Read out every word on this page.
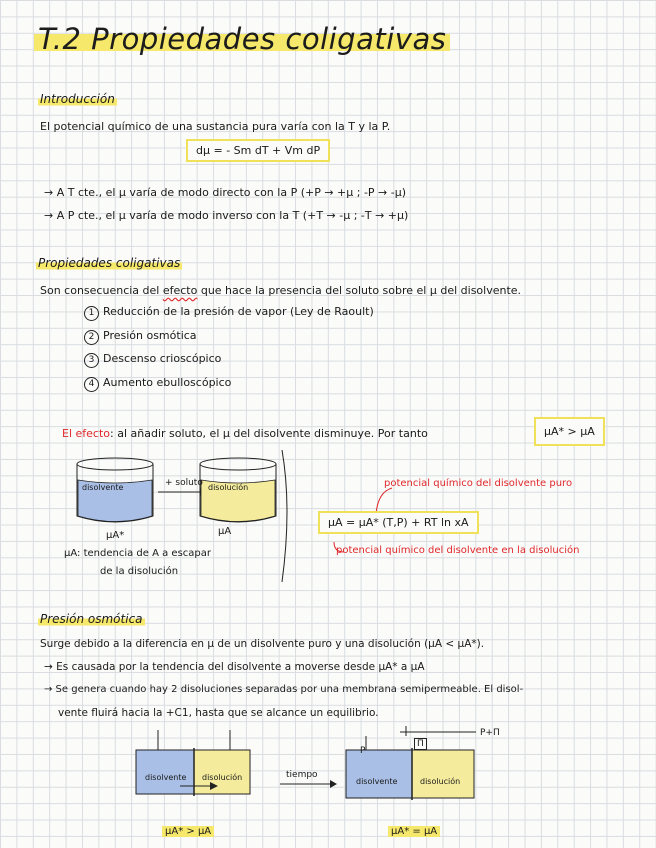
T.2 Propiedades coligativas
Introducción
El potencial químico de una sustancia pura varía con la T y la P.
dμ = - Sm dT + Vm dP
→ A T cte., el μ varía de modo directo con la P (+P → +μ ; -P → -μ)
→ A P cte., el μ varía de modo inverso con la T (+T → -μ ; -T → +μ)
Propiedades coligativas
Son consecuencia del efecto que hace la presencia del soluto sobre el μ del disolvente.
1 Reducción de la presión de vapor (Ley de Raoult)
2 Presión osmótica
3 Descenso crioscópico
4 Aumento ebulloscópico
El efecto: al añadir soluto, el μ del disolvente disminuye. Por tanto	μA* > μA
disolvente	+ soluto disolución
μA*	μA
μA: tendencia de A a escapar
de la disolución
potencial químico del disolvente puro
μA = μA* (T,P) + RT ln xA
potencial químico del disolvente en la disolución
Presión osmótica
Surge debido a la diferencia en μ de un disolvente puro y una disolución (μA < μA*).
→ Es causada por la tendencia del disolvente a moverse desde μA* a μA
→ Se genera cuando hay 2 disoluciones separadas por una membrana semipermeable. El disol-
vente fluirá hacia la +C1, hasta que se alcance un equilibrio.
disolvente disolución	tiempo
disolvente	disolución
P
Π
P+Π
μA* > μA	μA* = μA
